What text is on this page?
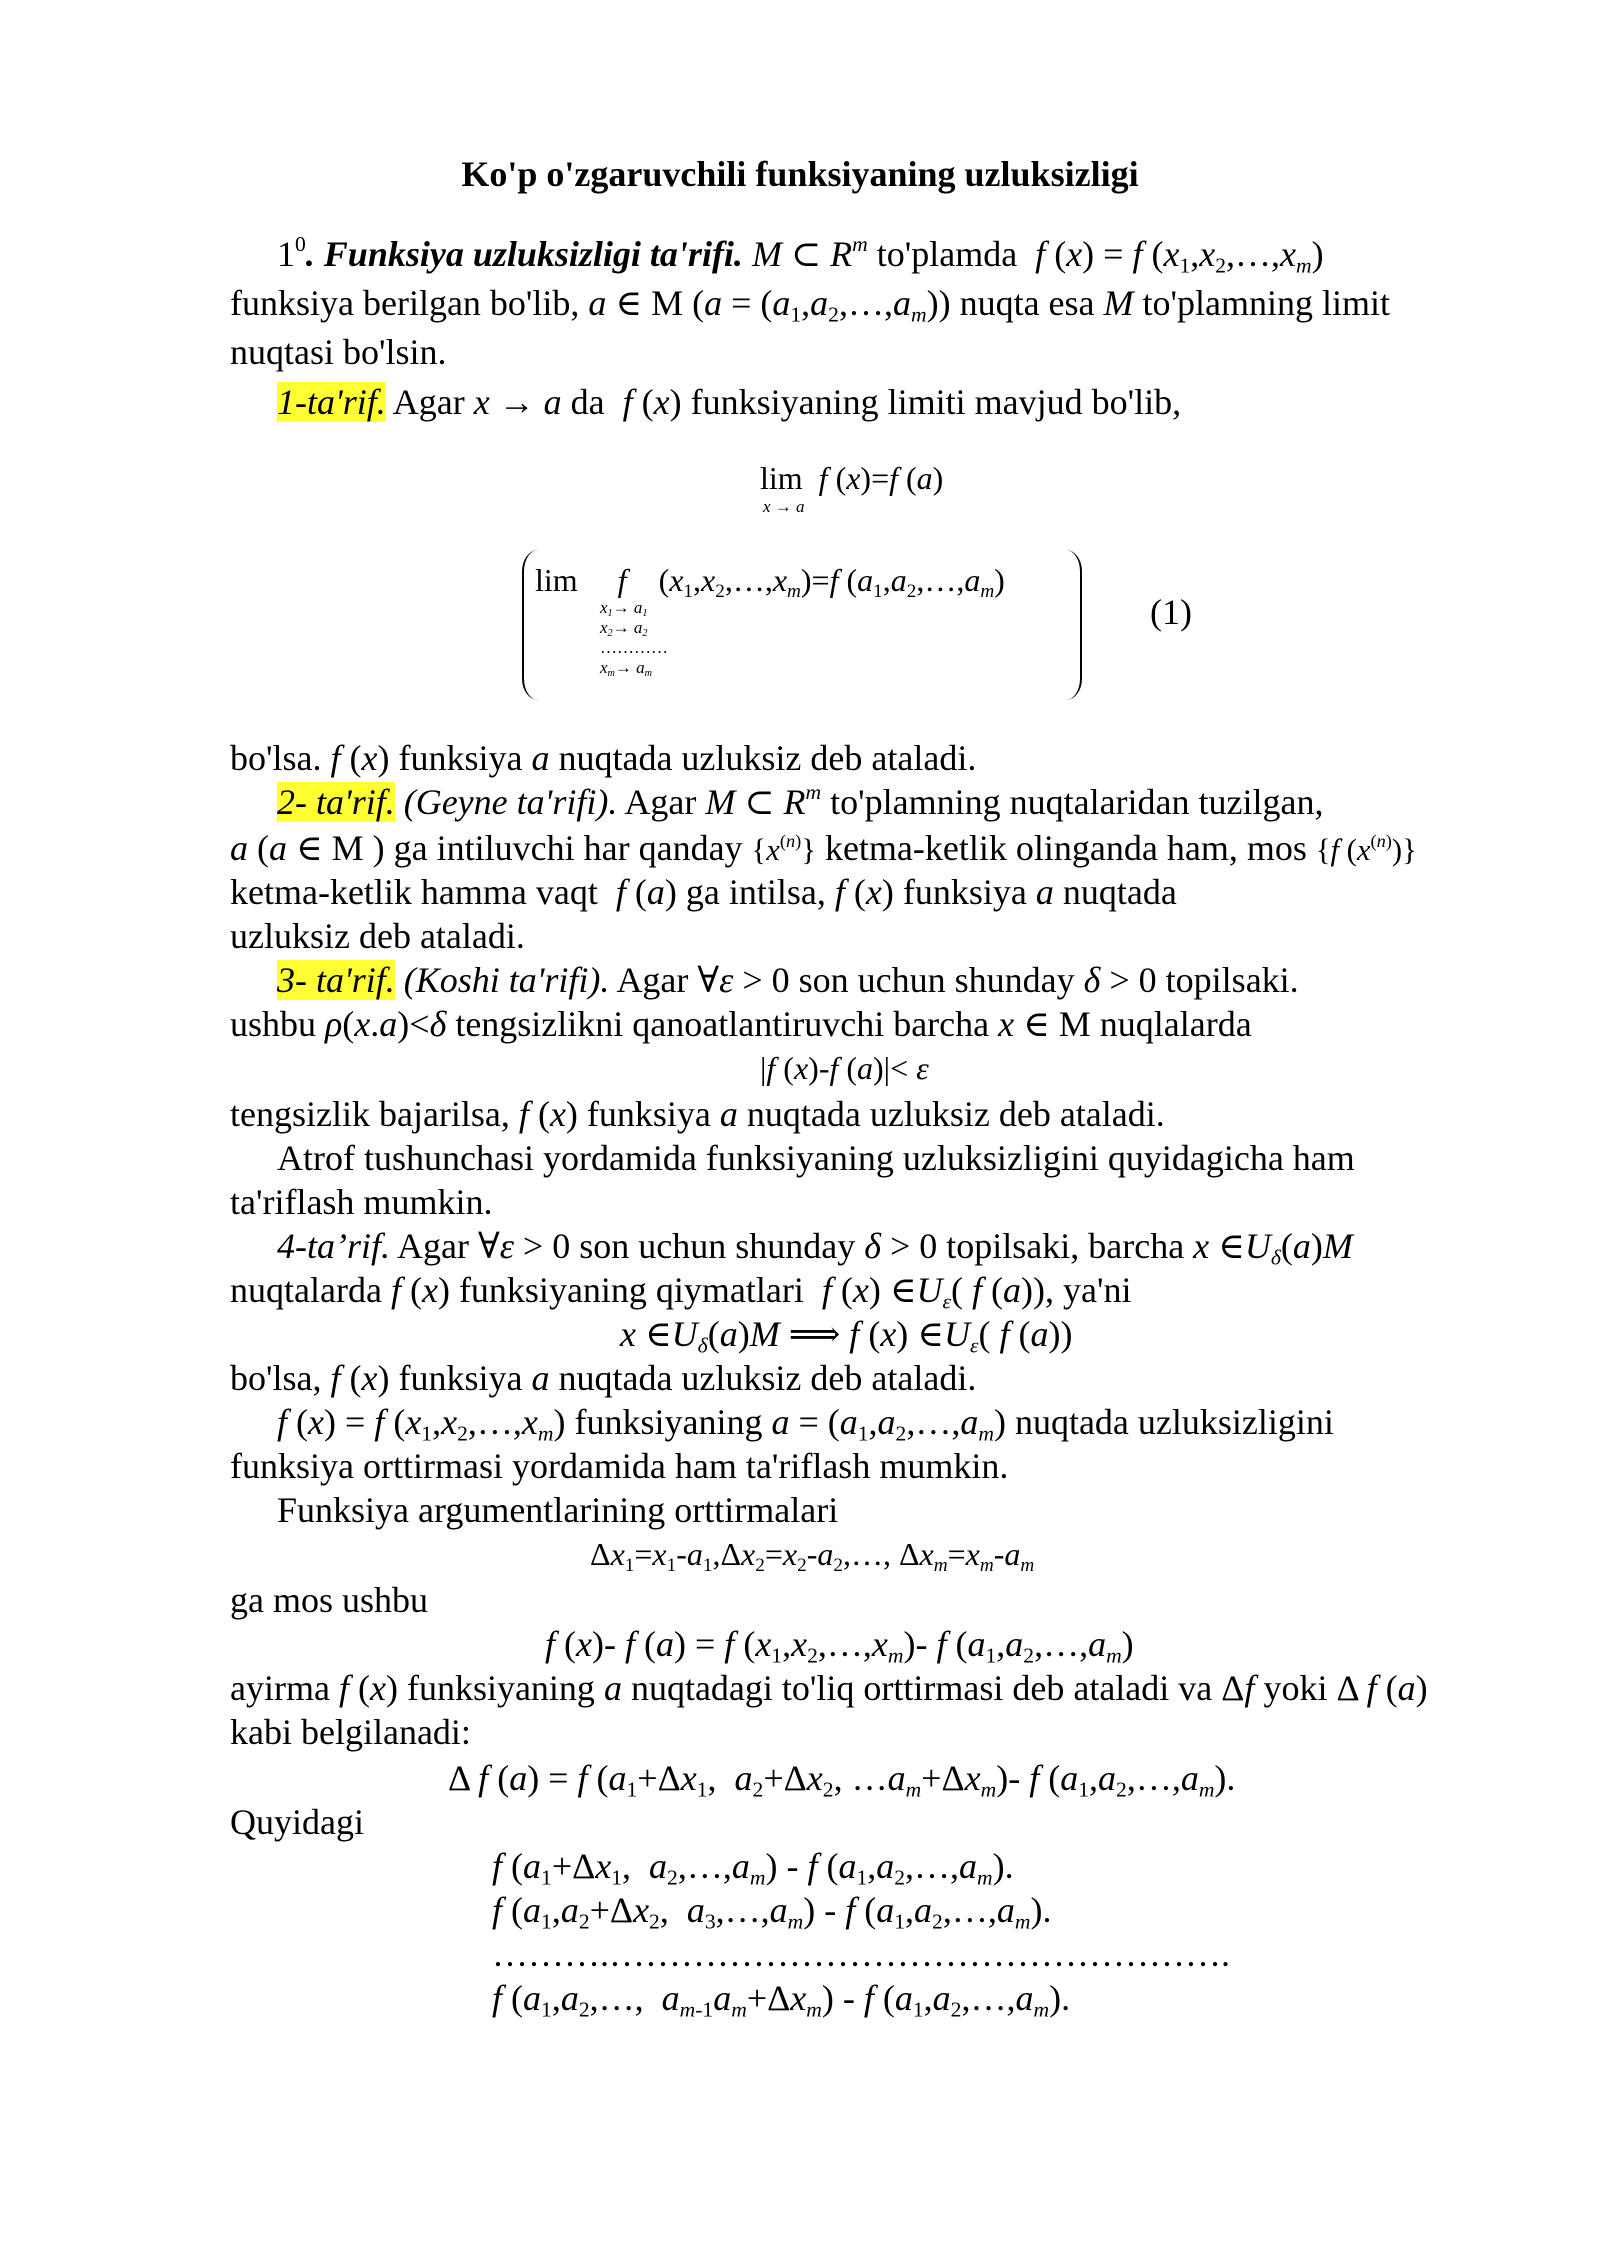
Ko'p o'zgaruvchili funksiyaning uzluksizligi
$1^0$. Funksiya uzluksizligi ta'rifi. M ⊂ $R^m$ to'plamda f (x) = f $(x_1,x_2,\dots,x_m)$
funksiya berilgan bo'lib, a ∈ M $(a = (a_1,a_2,\dots,a_m))$ nuqta esa M to'plamning limit
nuqtasi bo'lsin.
1-ta'rif. Agar x → a da f (x) funksiyaning limiti mavjud bo'lib,
lim  f (x)=f (a)
x → a
lim     f    $(x_1,x_2,\dots,x_m)=f$ $(a_1,a_2,\dots,a_m)$
$x_1\to a_1$
$x_2\to a_2$
…………
$x_m\to a_m$
(1)
bo'lsa. f (x) funksiya a nuqtada uzluksiz deb ataladi.
2- ta'rif. (Geyne ta'rifi). Agar M ⊂ $R^m$ to'plamning nuqtalaridan tuzilgan,
a (a ∈ M ) ga intiluvchi har qanday $\{x^{(n)}\}$ ketma-ketlik olinganda ham, mos {f $(x^{(n)})$}
ketma-ketlik hamma vaqt f (a) ga intilsa, f (x) funksiya a nuqtada
uzluksiz deb ataladi.
3- ta'rif. (Koshi ta'rifi). Agar ∀ε > 0 son uchun shunday δ > 0 topilsaki.
ushbu ρ(x.a)<δ tengsizlikni qanoatlantiruvchi barcha x ∈ M nuqlalarda
|f (x)-f (a)|< ε
tengsizlik bajarilsa, f (x) funksiya a nuqtada uzluksiz deb ataladi.
Atrof tushunchasi yordamida funksiyaning uzluksizligini quyidagicha ham
ta'riflash mumkin.
4-ta’rif. Agar ∀ε > 0 son uchun shunday δ > 0 topilsaki, barcha x $\in U_\delta(a)M$
nuqtalarda f (x) funksiyaning qiymatlari f (x) $\in U_\varepsilon$( f (a)), ya'ni
x $\in U_\delta(a)M$ ⟹ f (x) $\in U_\varepsilon$( f (a))
bo'lsa, f (x) funksiya a nuqtada uzluksiz deb ataladi.
f (x) = f $(x_1,x_2,\dots,x_m)$ funksiyaning $a = (a_1,a_2,\dots,a_m)$ nuqtada uzluksizligini
funksiya orttirmasi yordamida ham ta'riflash mumkin.
Funksiya argumentlarining orttirmalari
$\Delta x_1=x_1-a_1,\Delta x_2=x_2-a_2,\dots$, $\Delta x_m=x_m-a_m$
ga mos ushbu
f (x)- f (a) = f $(x_1,x_2,\dots,x_m)-$ f $(a_1,a_2,\dots,a_m)$
ayirma f (x) funksiyaning a nuqtadagi to'liq orttirmasi deb ataladi va Δf yoki Δ f (a)
kabi belgilanadi:
Δ f (a) = f ($a_1+\Delta x_1$,  $a_2+\Delta x_2$, $\dots a_m+\Delta x_m)-$ f $(a_1,a_2,\dots,a_m)$.
Quyidagi
f ($a_1+\Delta x_1$,  $a_2,\dots,a_m$) - f $(a_1,a_2,\dots,a_m)$.
f ($a_1,a_2+\Delta x_2$,  $a_3,\dots,a_m$) - f $(a_1,a_2,\dots,a_m)$.
……….…………………………………………….
f ($a_1,a_2,\dots$,  $a_{m-1}a_m+\Delta x_m) - f$ $(a_1,a_2,\dots,a_m)$.
